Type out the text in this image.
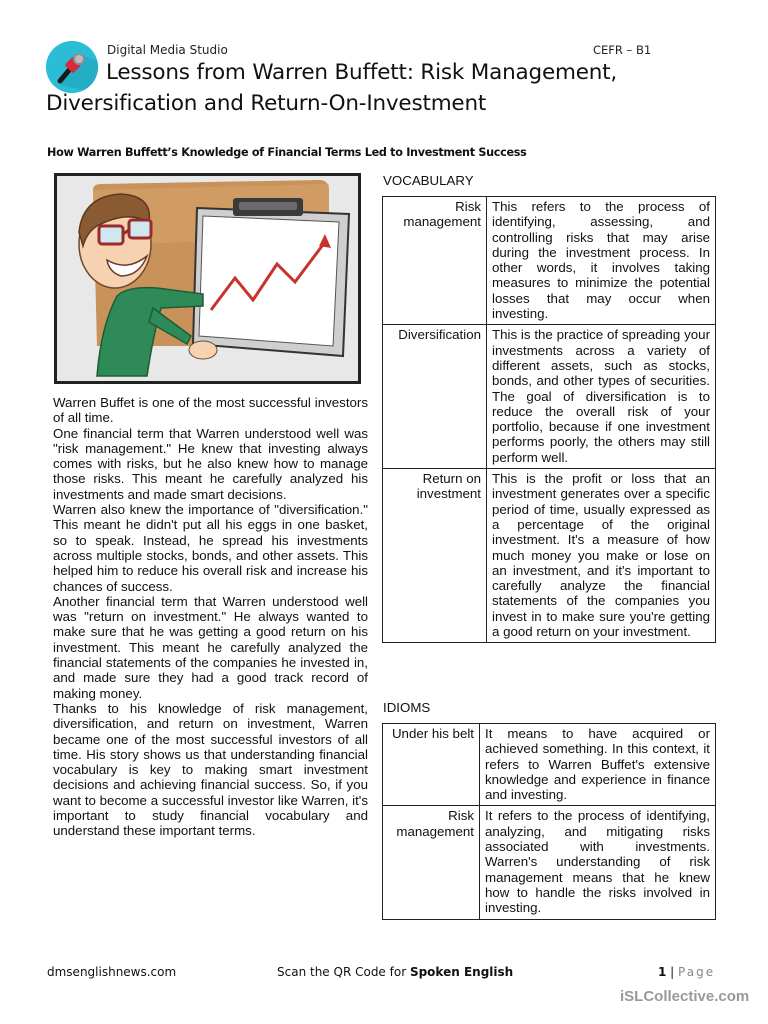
Digital Media Studio	CEFR – B1
Lessons from Warren Buffett: Risk Management,
Diversification and Return-On-Investment
How Warren Buffett’s Knowledge of Financial Terms Led to Investment Success

Warren Buffet is one of the most successful investors of all time.

One financial term that Warren understood well was "risk management." He knew that investing always comes with risks, but he also knew how to manage those risks. This meant he carefully analyzed his investments and made smart decisions.

Warren also knew the importance of "diversification." This meant he didn't put all his eggs in one basket, so to speak. Instead, he spread his investments across multiple stocks, bonds, and other assets. This helped him to reduce his overall risk and increase his chances of success.

Another financial term that Warren understood well was "return on investment." He always wanted to make sure that he was getting a good return on his investment. This meant he carefully analyzed the financial statements of the companies he invested in, and made sure they had a good track record of making money.

Thanks to his knowledge of risk management, diversification, and return on investment, Warren became one of the most successful investors of all time. His story shows us that understanding financial vocabulary is key to making smart investment decisions and achieving financial success. So, if you want to become a successful investor like Warren, it's important to study financial vocabulary and understand these important terms.

VOCABULARY
Risk management	This refers to the process of identifying, assessing, and controlling risks that may arise during the investment process. In other words, it involves taking measures to minimize the potential losses that may occur when investing.
Diversification	This is the practice of spreading your investments across a variety of different assets, such as stocks, bonds, and other types of securities. The goal of diversification is to reduce the overall risk of your portfolio, because if one investment performs poorly, the others may still perform well.
Return on investment	This is the profit or loss that an investment generates over a specific period of time, usually expressed as a percentage of the original investment. It's a measure of how much money you make or lose on an investment, and it's important to carefully analyze the financial statements of the companies you invest in to make sure you're getting a good return on your investment.
IDIOMS
Under his belt	It means to have acquired or achieved something. In this context, it refers to Warren Buffet's extensive knowledge and experience in finance and investing.
Risk management	It refers to the process of identifying, analyzing, and mitigating risks associated with investments. Warren's understanding of risk management means that he knew how to handle the risks involved in investing.
dmsenglishnews.com	Scan the QR Code for Spoken English	1 | Page
iSLCollective.com
